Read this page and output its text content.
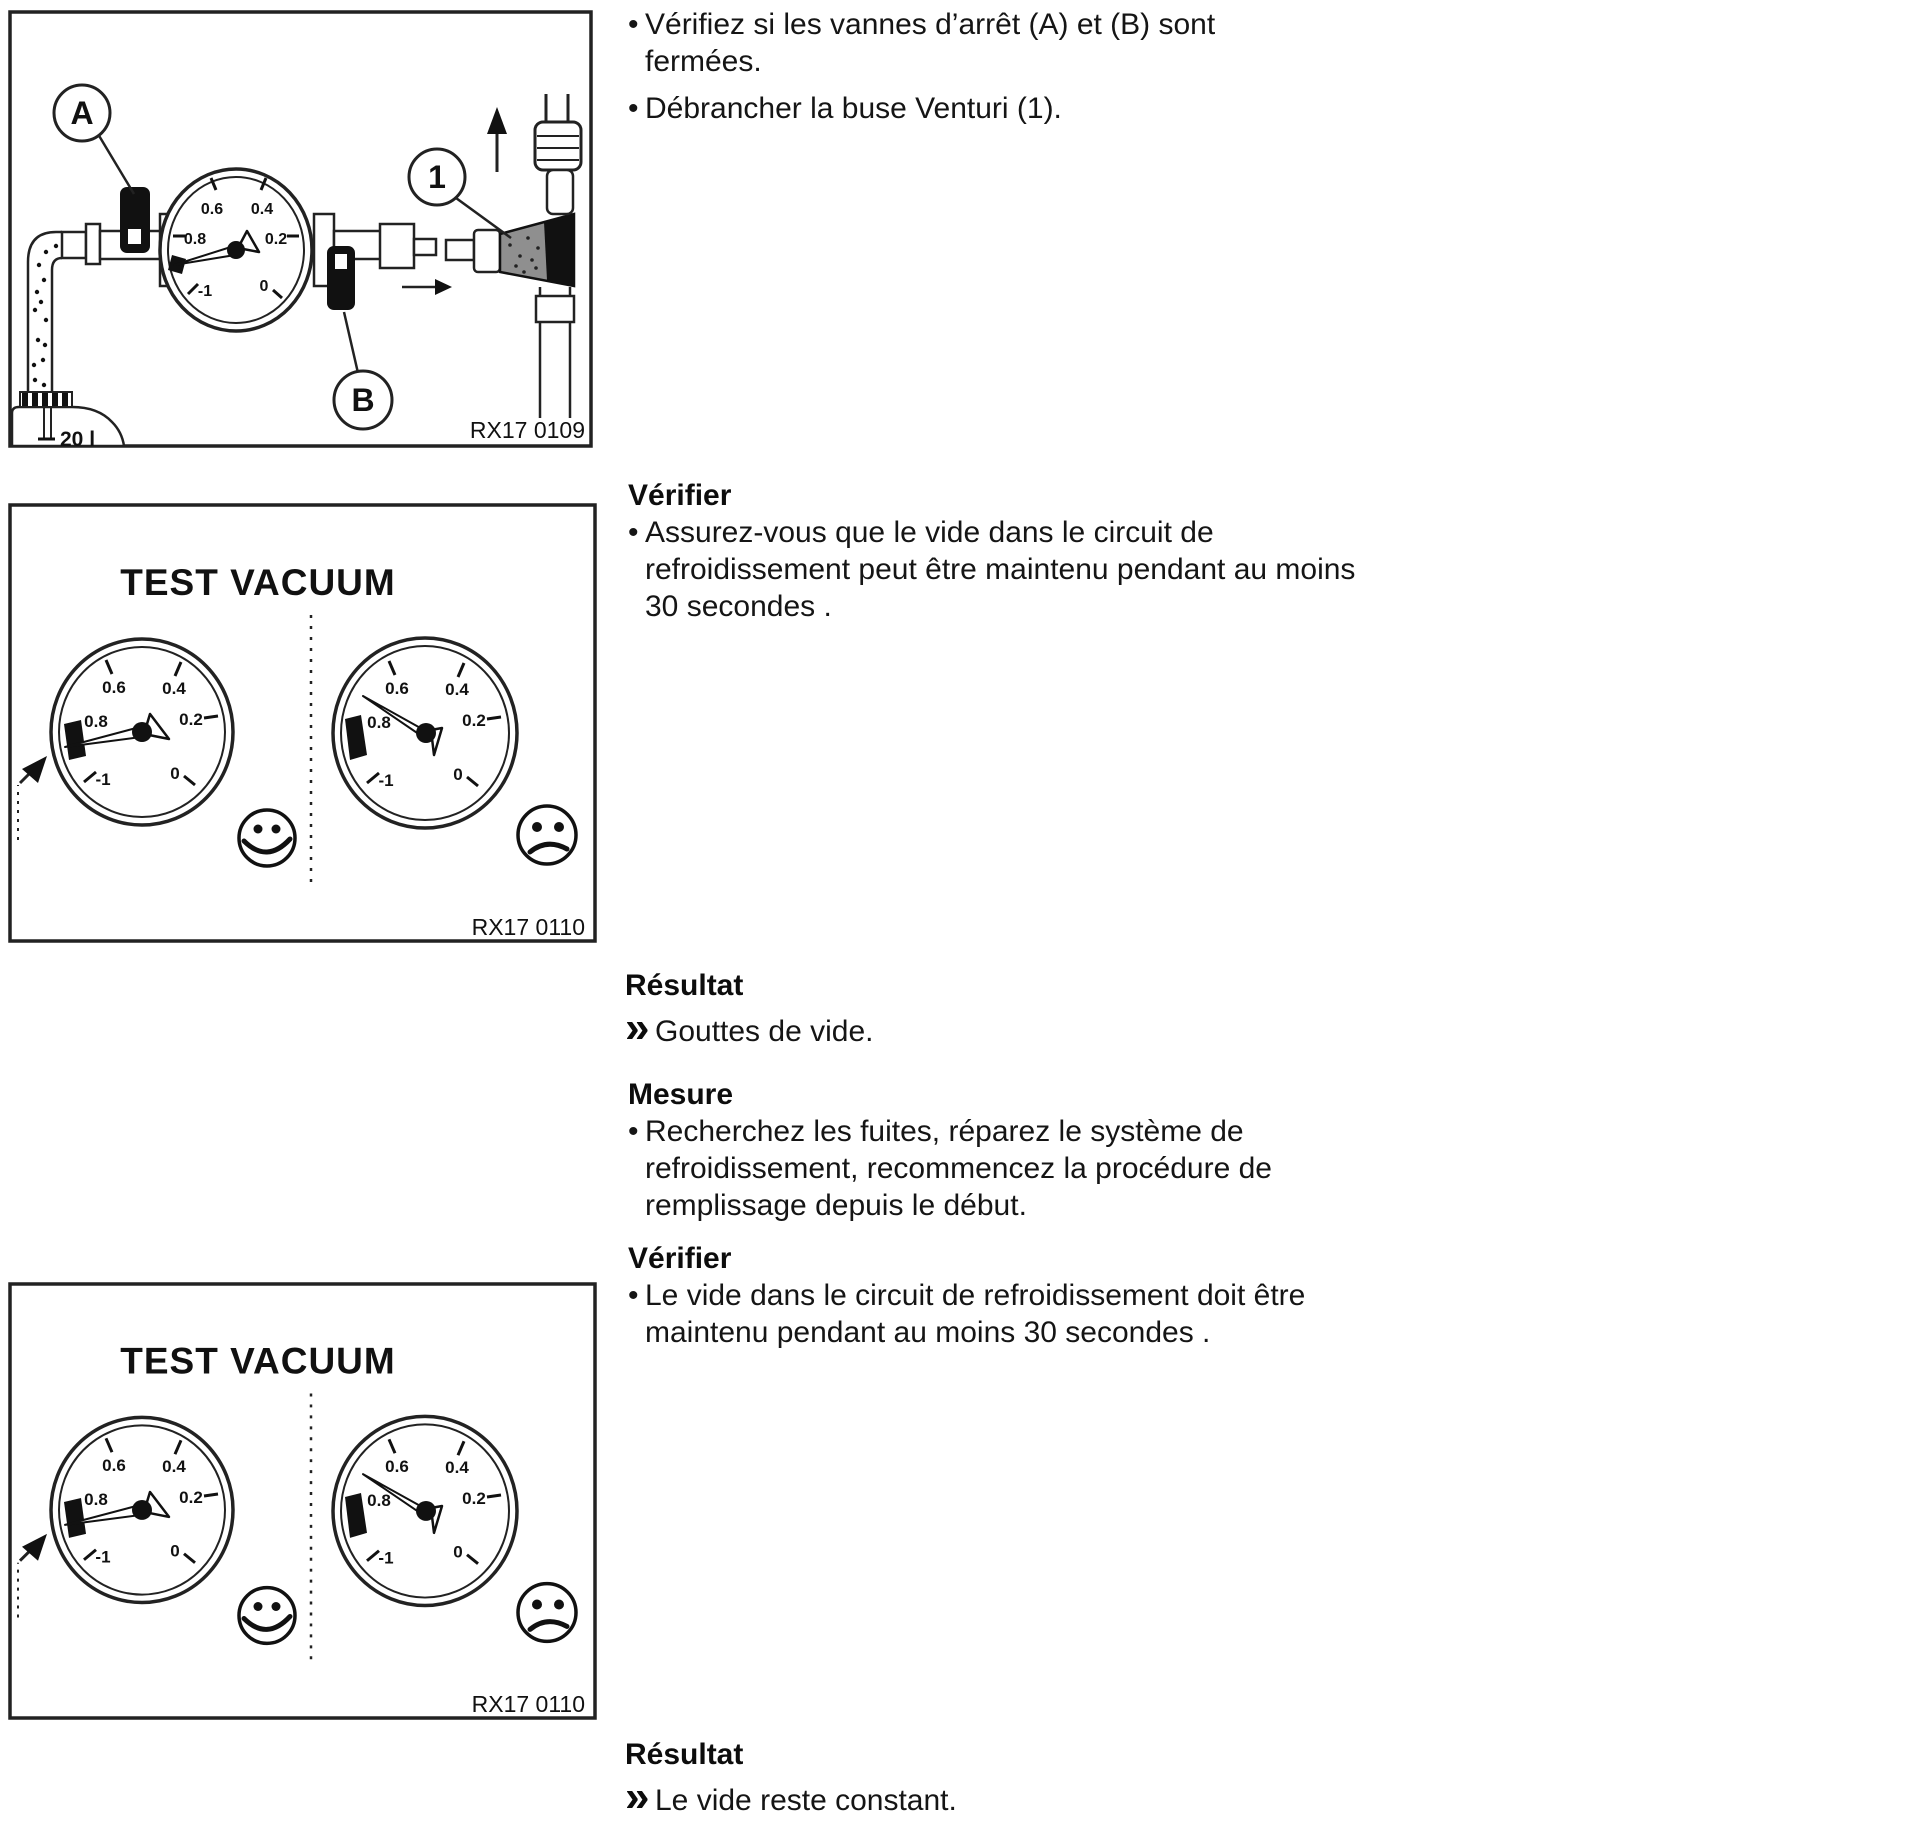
20 l
A
B
0.6 0.4
0.8	0.2
-1	0
1
RX17 0109
TEST VACUUM
0.6 0.4
0.8	0.2
-1	0
0.6 0.4
0.8	0.2
-1	0
RX17 0110
TEST VACUUM
0.6 0.4
0.8	0.2
-1	0
0.6 0.4
0.8	0.2
-1	0
RX17 0110
• Vérifiez si les vannes d’arrêt (A) et (B) sont
fermées.
• Débrancher la buse Venturi (1).
Vérifier
• Assurez-vous que le vide dans le circuit de
refroidissement peut être maintenu pendant au moins
30 secondes .
Résultat
» Gouttes de vide.
Mesure
• Recherchez les fuites, réparez le système de
refroidissement, recommencez la procédure de
remplissage depuis le début.
Vérifier
• Le vide dans le circuit de refroidissement doit être
maintenu pendant au moins 30 secondes .
Résultat
» Le vide reste constant.
